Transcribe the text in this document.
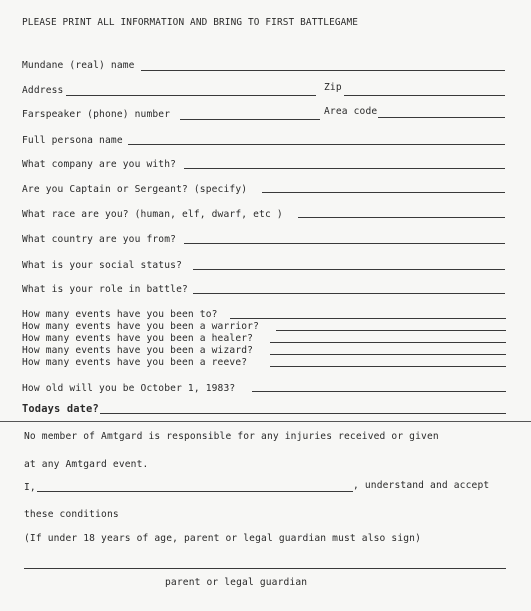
PLEASE PRINT ALL INFORMATION AND BRING TO FIRST BATTLEGAME
Mundane (real) name
Address	Zip
Farspeaker (phone) number	Area code
Full persona name
What company are you with?
Are you Captain or Sergeant? (specify)
What race are you? (human, elf, dwarf, etc )
What country are you from?
What is your social status?
What is your role in battle?
How many events have you been to?
How many events have you been a warrior?
How many events have you been a healer?
How many events have you been a wizard?
How many events have you been a reeve?
How old will you be October 1, 1983?
Todays date?
No member of Amtgard is responsible for any injuries received or given
at any Amtgard event.
I,	, understand and accept
these conditions
(If under 18 years of age, parent or legal guardian must also sign)
parent or legal guardian
